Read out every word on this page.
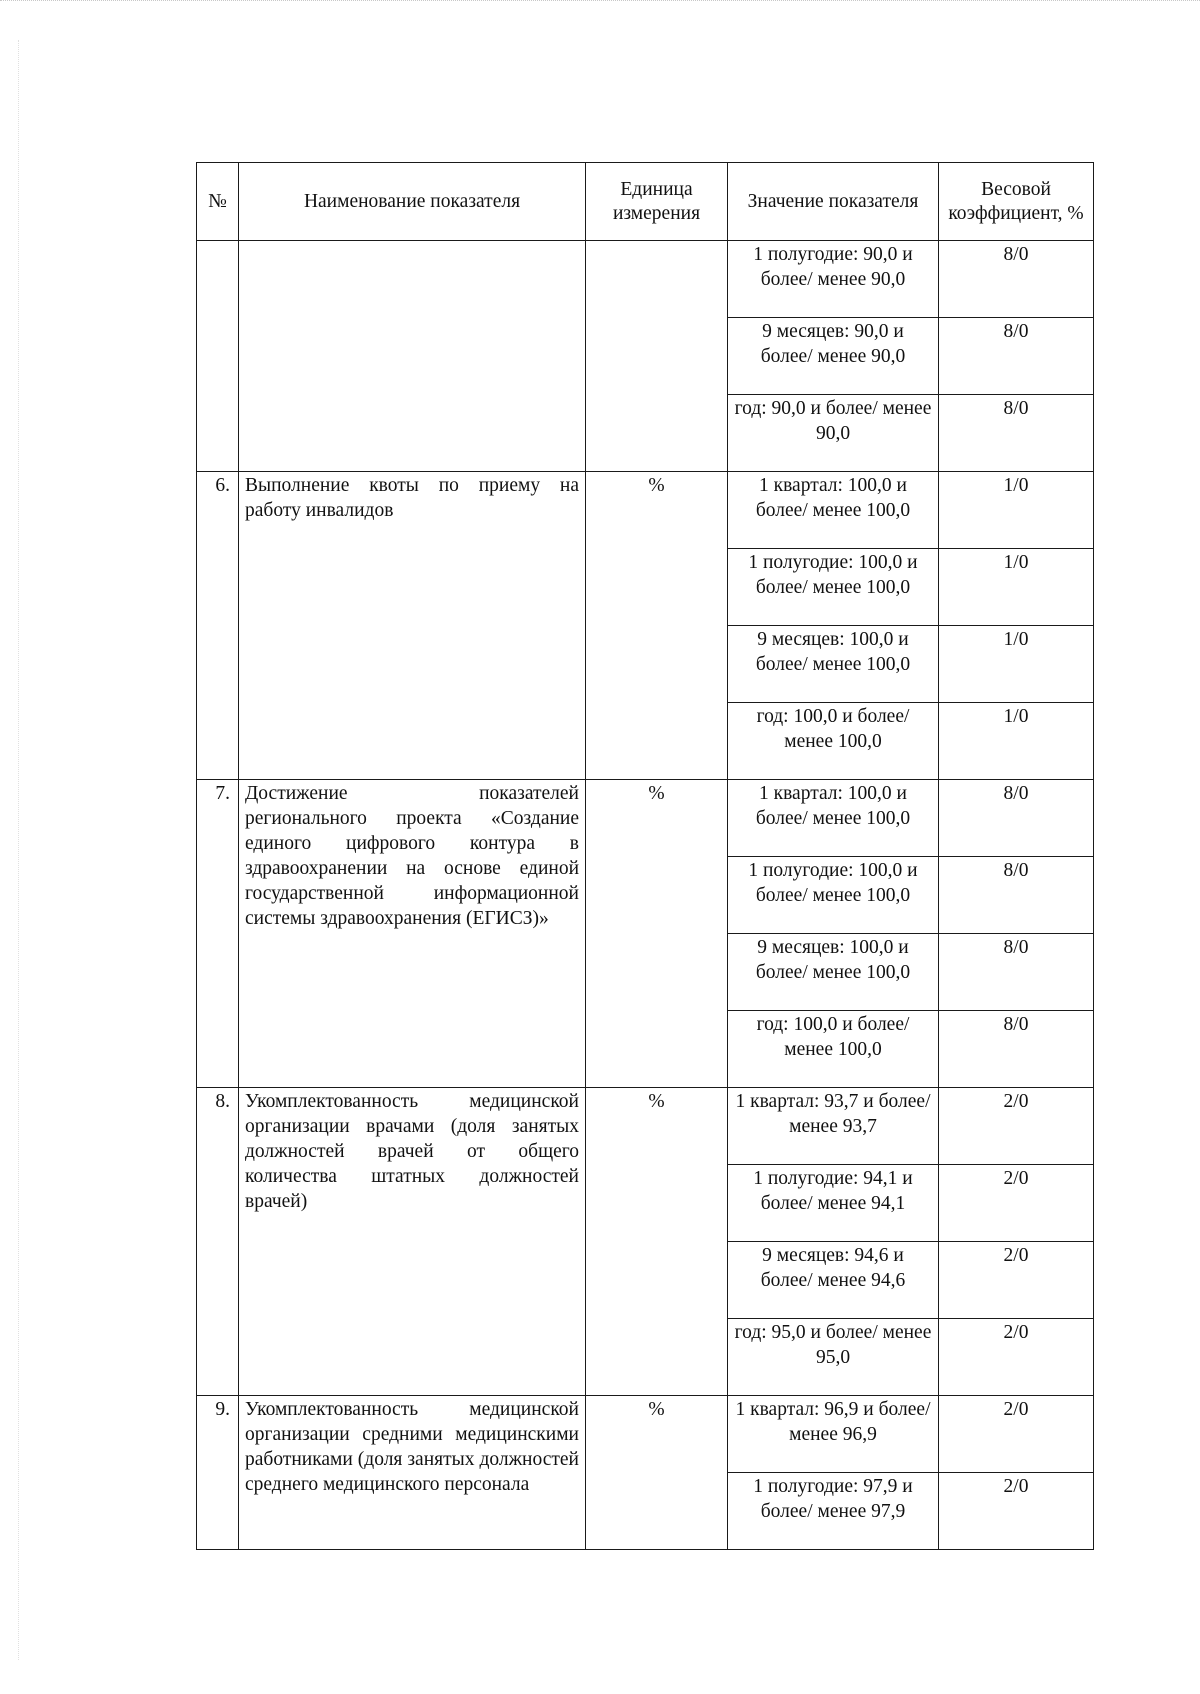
№	Наименование показателя	Единица измерения	Значение показателя	Весовой коэффициент, %
			1 полугодие: 90,0 и более/ менее 90,0	8/0
			9 месяцев: 90,0 и более/ менее 90,0	8/0
			год: 90,0 и более/ менее 90,0	8/0
6.	Выполнение квоты по приему на работу инвалидов	%	1 квартал: 100,0 и более/ менее 100,0	1/0
			1 полугодие: 100,0 и более/ менее 100,0	1/0
			9 месяцев: 100,0 и более/ менее 100,0	1/0
			год: 100,0 и более/ менее 100,0	1/0
7.	Достижение показателей регионального проекта «Создание единого цифрового контура в здравоохранении на основе единой государственной информационной системы здравоохранения (ЕГИСЗ)»	%	1 квартал: 100,0 и более/ менее 100,0	8/0
			1 полугодие: 100,0 и более/ менее 100,0	8/0
			9 месяцев: 100,0 и более/ менее 100,0	8/0
			год: 100,0 и более/ менее 100,0	8/0
8.	Укомплектованность медицинской организации врачами (доля занятых должностей врачей от общего количества штатных должностей врачей)	%	1 квартал: 93,7 и более/ менее 93,7	2/0
			1 полугодие: 94,1 и более/ менее 94,1	2/0
			9 месяцев: 94,6 и более/ менее 94,6	2/0
			год: 95,0 и более/ менее 95,0	2/0
9.	Укомплектованность медицинской организации средними медицинскими работниками (доля занятых должностей среднего медицинского персонала	%	1 квартал: 96,9 и более/ менее 96,9	2/0
			1 полугодие: 97,9 и более/ менее 97,9	2/0
